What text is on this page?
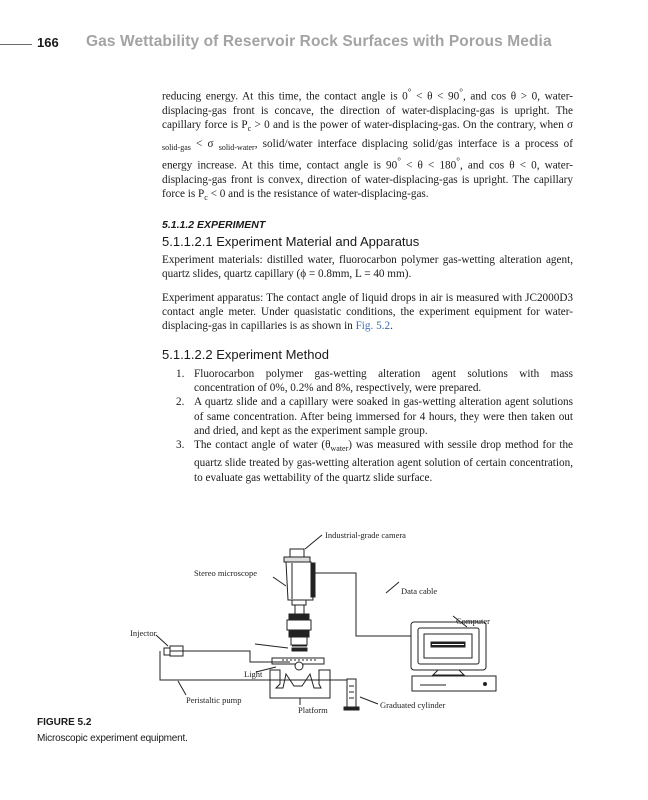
166 Gas Wettability of Reservoir Rock Surfaces with Porous Media

reducing energy. At this time, the contact angle is 0° < θ < 90°, and cos θ > 0, water-displacing-gas front is concave, the direction of water-displacing-gas is upright. The capillary force is $P_c > 0$ and is the power of water-displacing-gas. On the contrary, when σ $_{solid-gas}$ < σ $_{solid-water}$, solid/water interface displacing solid/gas interface is a process of energy increase. At this time, contact angle is 90° < θ < 180°, and cos θ < 0, water-displacing-gas front is convex, direction of water-displacing-gas is upright. The capillary force is $P_c < 0$ and is the resistance of water-displacing-gas.

5.1.1.2 EXPERIMENT
5.1.1.2.1 Experiment Material and Apparatus

Experiment materials: distilled water, fluorocarbon polymer gas-wetting alteration agent, quartz slides, quartz capillary (ϕ = 0.8mm, L = 40 mm).

Experiment apparatus: The contact angle of liquid drops in air is measured with JC2000D3 contact angle meter. Under quasistatic conditions, the experiment equipment for water-displacing-gas in capillaries is as shown in Fig. 5.2.

5.1.1.2.2 Experiment Method
1. Fluorocarbon polymer gas-wetting alteration agent solutions with mass concentration of 0%, 0.2% and 8%, respectively, were prepared.
2. A quartz slide and a capillary were soaked in gas-wetting alteration agent solutions of same concentration. After being immersed for 4 hours, they were then taken out and dried, and kept as the experiment sample group.
3. The contact angle of water $(\theta_{water})$ was measured with sessile drop method for the quartz slide treated by gas-wetting alteration agent solution of certain concentration, to evaluate gas wettability of the quartz slide surface.
Industrial-grade camera
Stereo microscope
Data cable
Computer
Injector
Light
Peristaltic pump
Platform	Graduated cylinder
FIGURE 5.2
Microscopic experiment equipment.
